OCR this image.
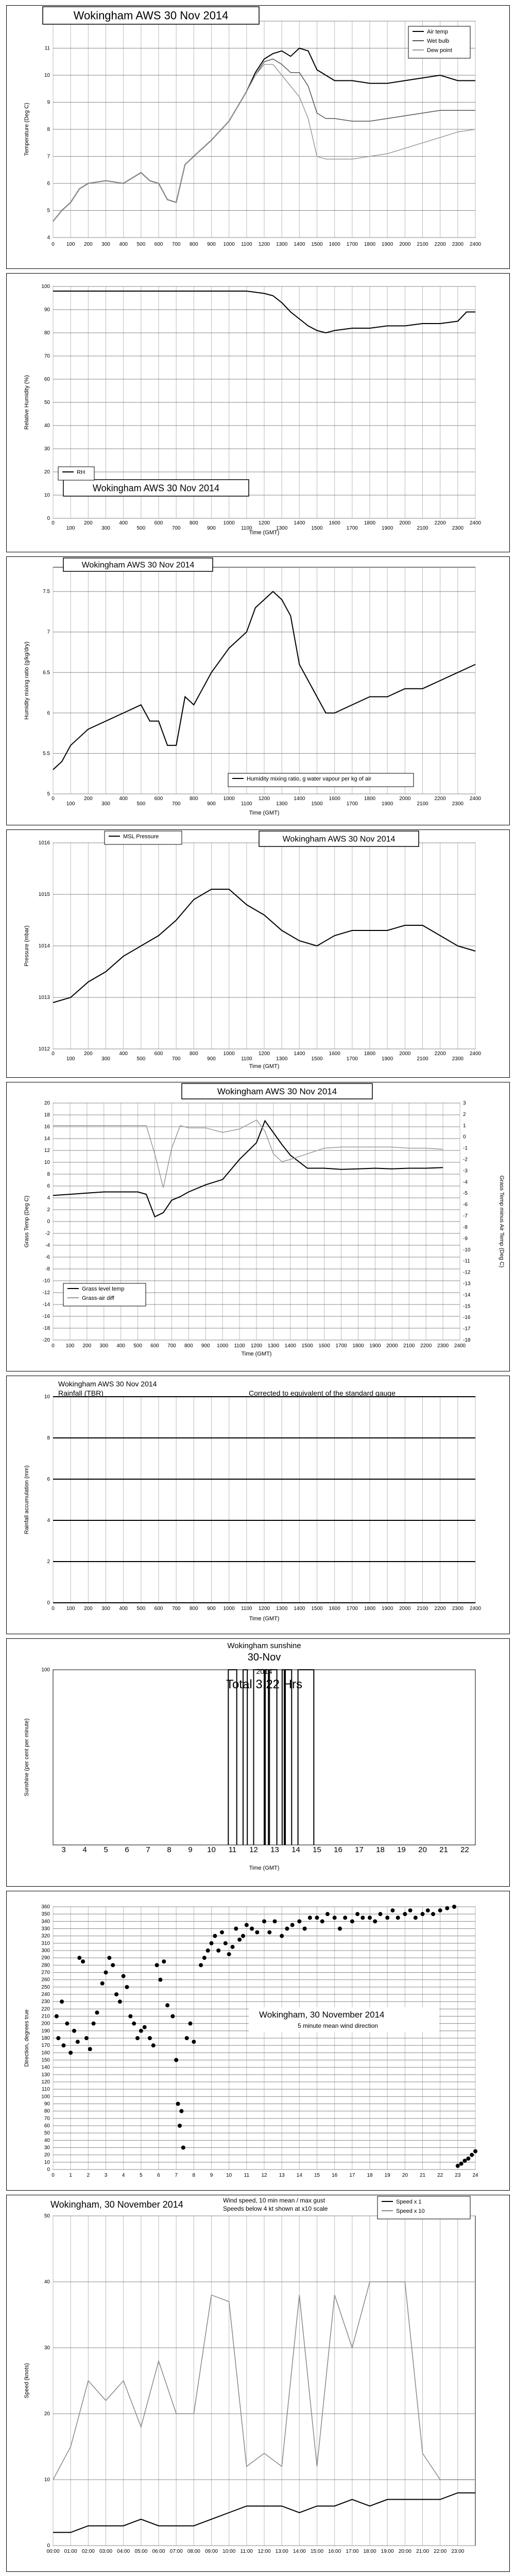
0 100 200 300 400 500 600 700 800 900 1000 1100 1200 1300 1400 1500 1600 1700 1800 1900 2000 2100 2200 2300 2400
4
5
6
7
8
9
10
11
Temperature (Deg C)
Wokingham AWS 30 Nov 2014
Air temp
Wet bulb
Dew point
0
100
200
300
400
500
600
700
800
900
1000
1100
1200
1300
1400
1500
1600
1700
1800
1900
2000
2100
2200
2300
2400
0
10
20
30
40
50
60
70
80
90
100
Time (GMT)
Relative Humidity (%)
Wokingham AWS 30 Nov 2014
RH
0
100
200
300
400
500
600
700
800
900
1000
1100
1200
1300
1400
1500
1600
1700
1800
1900
2000
2100
2200
2300
2400
5
5.5
6
6.5
7
7.5
Time (GMT)
Humidity mixing ratio (g/kg/dry)
Wokingham AWS 30 Nov 2014
Humidity mixing ratio, g water vapour per kg of air
0
100
200
300
400
500
600
700
800
900
1000
1100
1200
1300
1400
1500
1600
1700
1800
1900
2000
2100
2200
2300
2400
1012
1013
1014
1015
1016
Time (GMT)
Pressure (mbar)
Wokingham AWS 30 Nov 2014
MSL Pressure
0 100 200 300 400 500 600 700 800 900 1000 1100 1200 1300 1400 1500 1600 1700 1800 1900 2000 2100 2200 2300 2400
-20
-18
-16
-14
-12
-10
-8
-6
-4
-2
0
2
4
6
8
10
12
14
16
18
20
-18
-17
-16
-15
-14
-13
-12
-11
-10
-9
-8
-7
-6
-5
-4
-3
-2
-1
0
1
2
3
Grass Temp minus Air Temp (Deg C)
Time (GMT)
Grass Temp (Deg C)
Wokingham AWS 30 Nov 2014
Grass level temp
Grass-air diff
0 100 200 300 400 500 600 700 800 900 1000 1100 1200 1300 1400 1500 1600 1700 1800 1900 2000 2100 2200 2300 2400
0
2
4
6
8
10
Time (GMT)
Rainfall accumulation (mm)
Wokingham AWS 30 Nov 2014
Rainfall (TBR)	Corrected to equivalent of the standard gauge
3 4 5 6 7 8 9 10 11 12 13 14 15 16 17 18 19 20 21 22
100
Time (GMT)
Sunshine (per cent per minute)
Wokingham sunshine
30-Nov
2014
Total 3.22 Hrs
0	1	2	3	4	5	6	7	8	9	10 11 12 13 14 15 16 17 18 19 20 21 22 23 24
0
10
20
30
40
50
60
70
80
90
100
110
120
130
140
150
160
170
180
190
200
210
220
230
240
250
260
270
280
290
300
310
320
330
340
350
360
Direction, degrees true	Wokingham, 30 November 2014
5 minute mean wind direction
00:00 01:00 02:00 03:00 04:00 05:00 06:00 07:00 08:00 09:00 10:00 11:00 12:00 13:00 14:00 15:00 16:00 17:00 18:00 19:00 20:00 21:00 22:00 23:00
0
10
20
30
40
50
Speed (knots)
Wokingham, 30 November 2014	Wind speed, 10 min mean / max gust
Speeds below 4 kt shown at x10 scale
Speed x 1
Speed x 10
